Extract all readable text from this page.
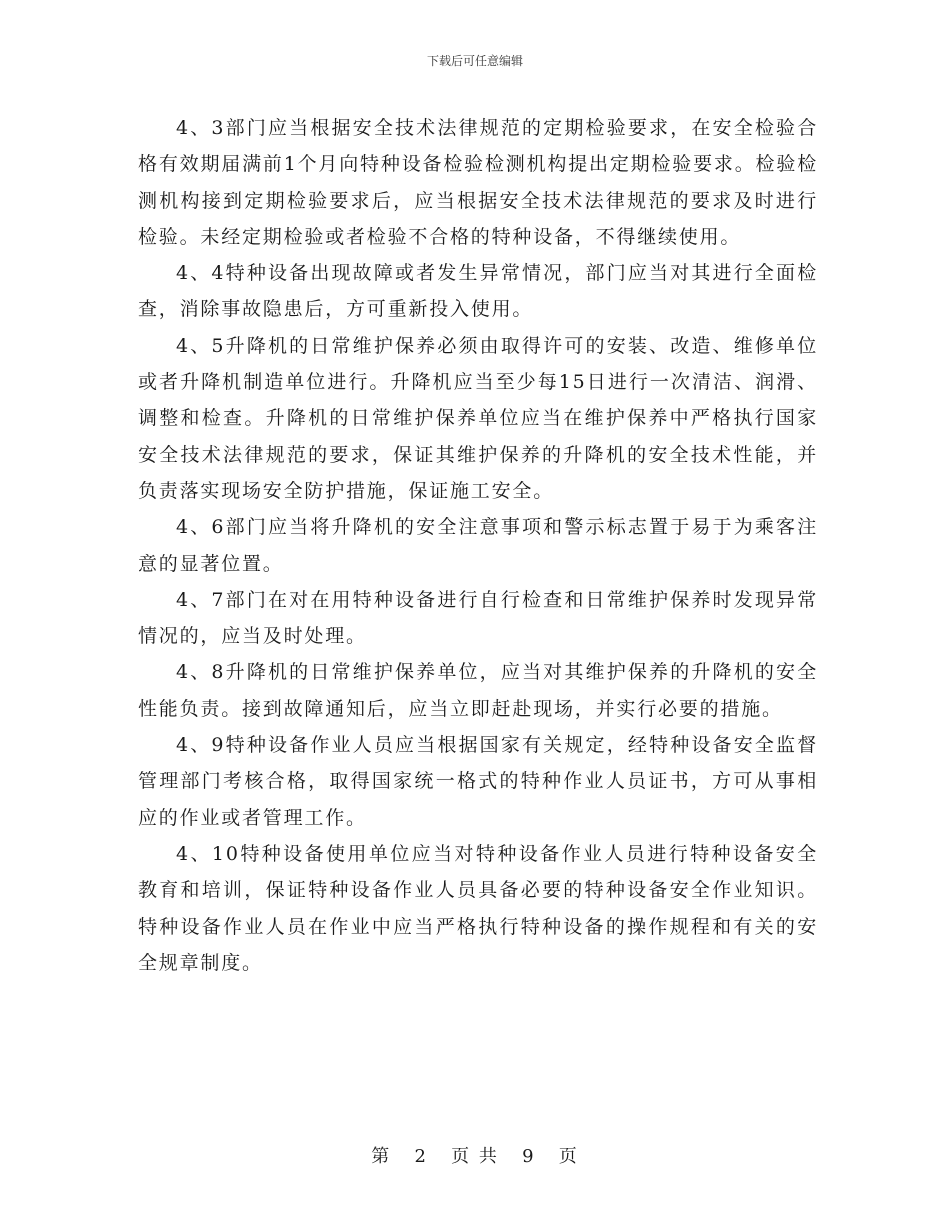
下载后可任意编辑

4、3部门应当根据安全技术法律规范的定期检验要求，在安全检验合格有效期届满前1个月向特种设备检验检测机构提出定期检验要求。检验检测机构接到定期检验要求后，应当根据安全技术法律规范的要求及时进行检验。未经定期检验或者检验不合格的特种设备，不得继续使用。

4、4特种设备出现故障或者发生异常情况，部门应当对其进行全面检查，消除事故隐患后，方可重新投入使用。

4、5升降机的日常维护保养必须由取得许可的安装、改造、维修单位或者升降机制造单位进行。升降机应当至少每15日进行一次清洁、润滑、调整和检查。升降机的日常维护保养单位应当在维护保养中严格执行国家安全技术法律规范的要求，保证其维护保养的升降机的安全技术性能，并负责落实现场安全防护措施，保证施工安全。

4、6部门应当将升降机的安全注意事项和警示标志置于易于为乘客注意的显著位置。

4、7部门在对在用特种设备进行自行检查和日常维护保养时发现异常情况的，应当及时处理。

4、8升降机的日常维护保养单位，应当对其维护保养的升降机的安全性能负责。接到故障通知后，应当立即赶赴现场，并实行必要的措施。

4、9特种设备作业人员应当根据国家有关规定，经特种设备安全监督管理部门考核合格，取得国家统一格式的特种作业人员证书，方可从事相应的作业或者管理工作。

4、10特种设备使用单位应当对特种设备作业人员进行特种设备安全教育和培训，保证特种设备作业人员具备必要的特种设备安全作业知识。特种设备作业人员在作业中应当严格执行特种设备的操作规程和有关的安全规章制度。

第 2 页 共 9 页
